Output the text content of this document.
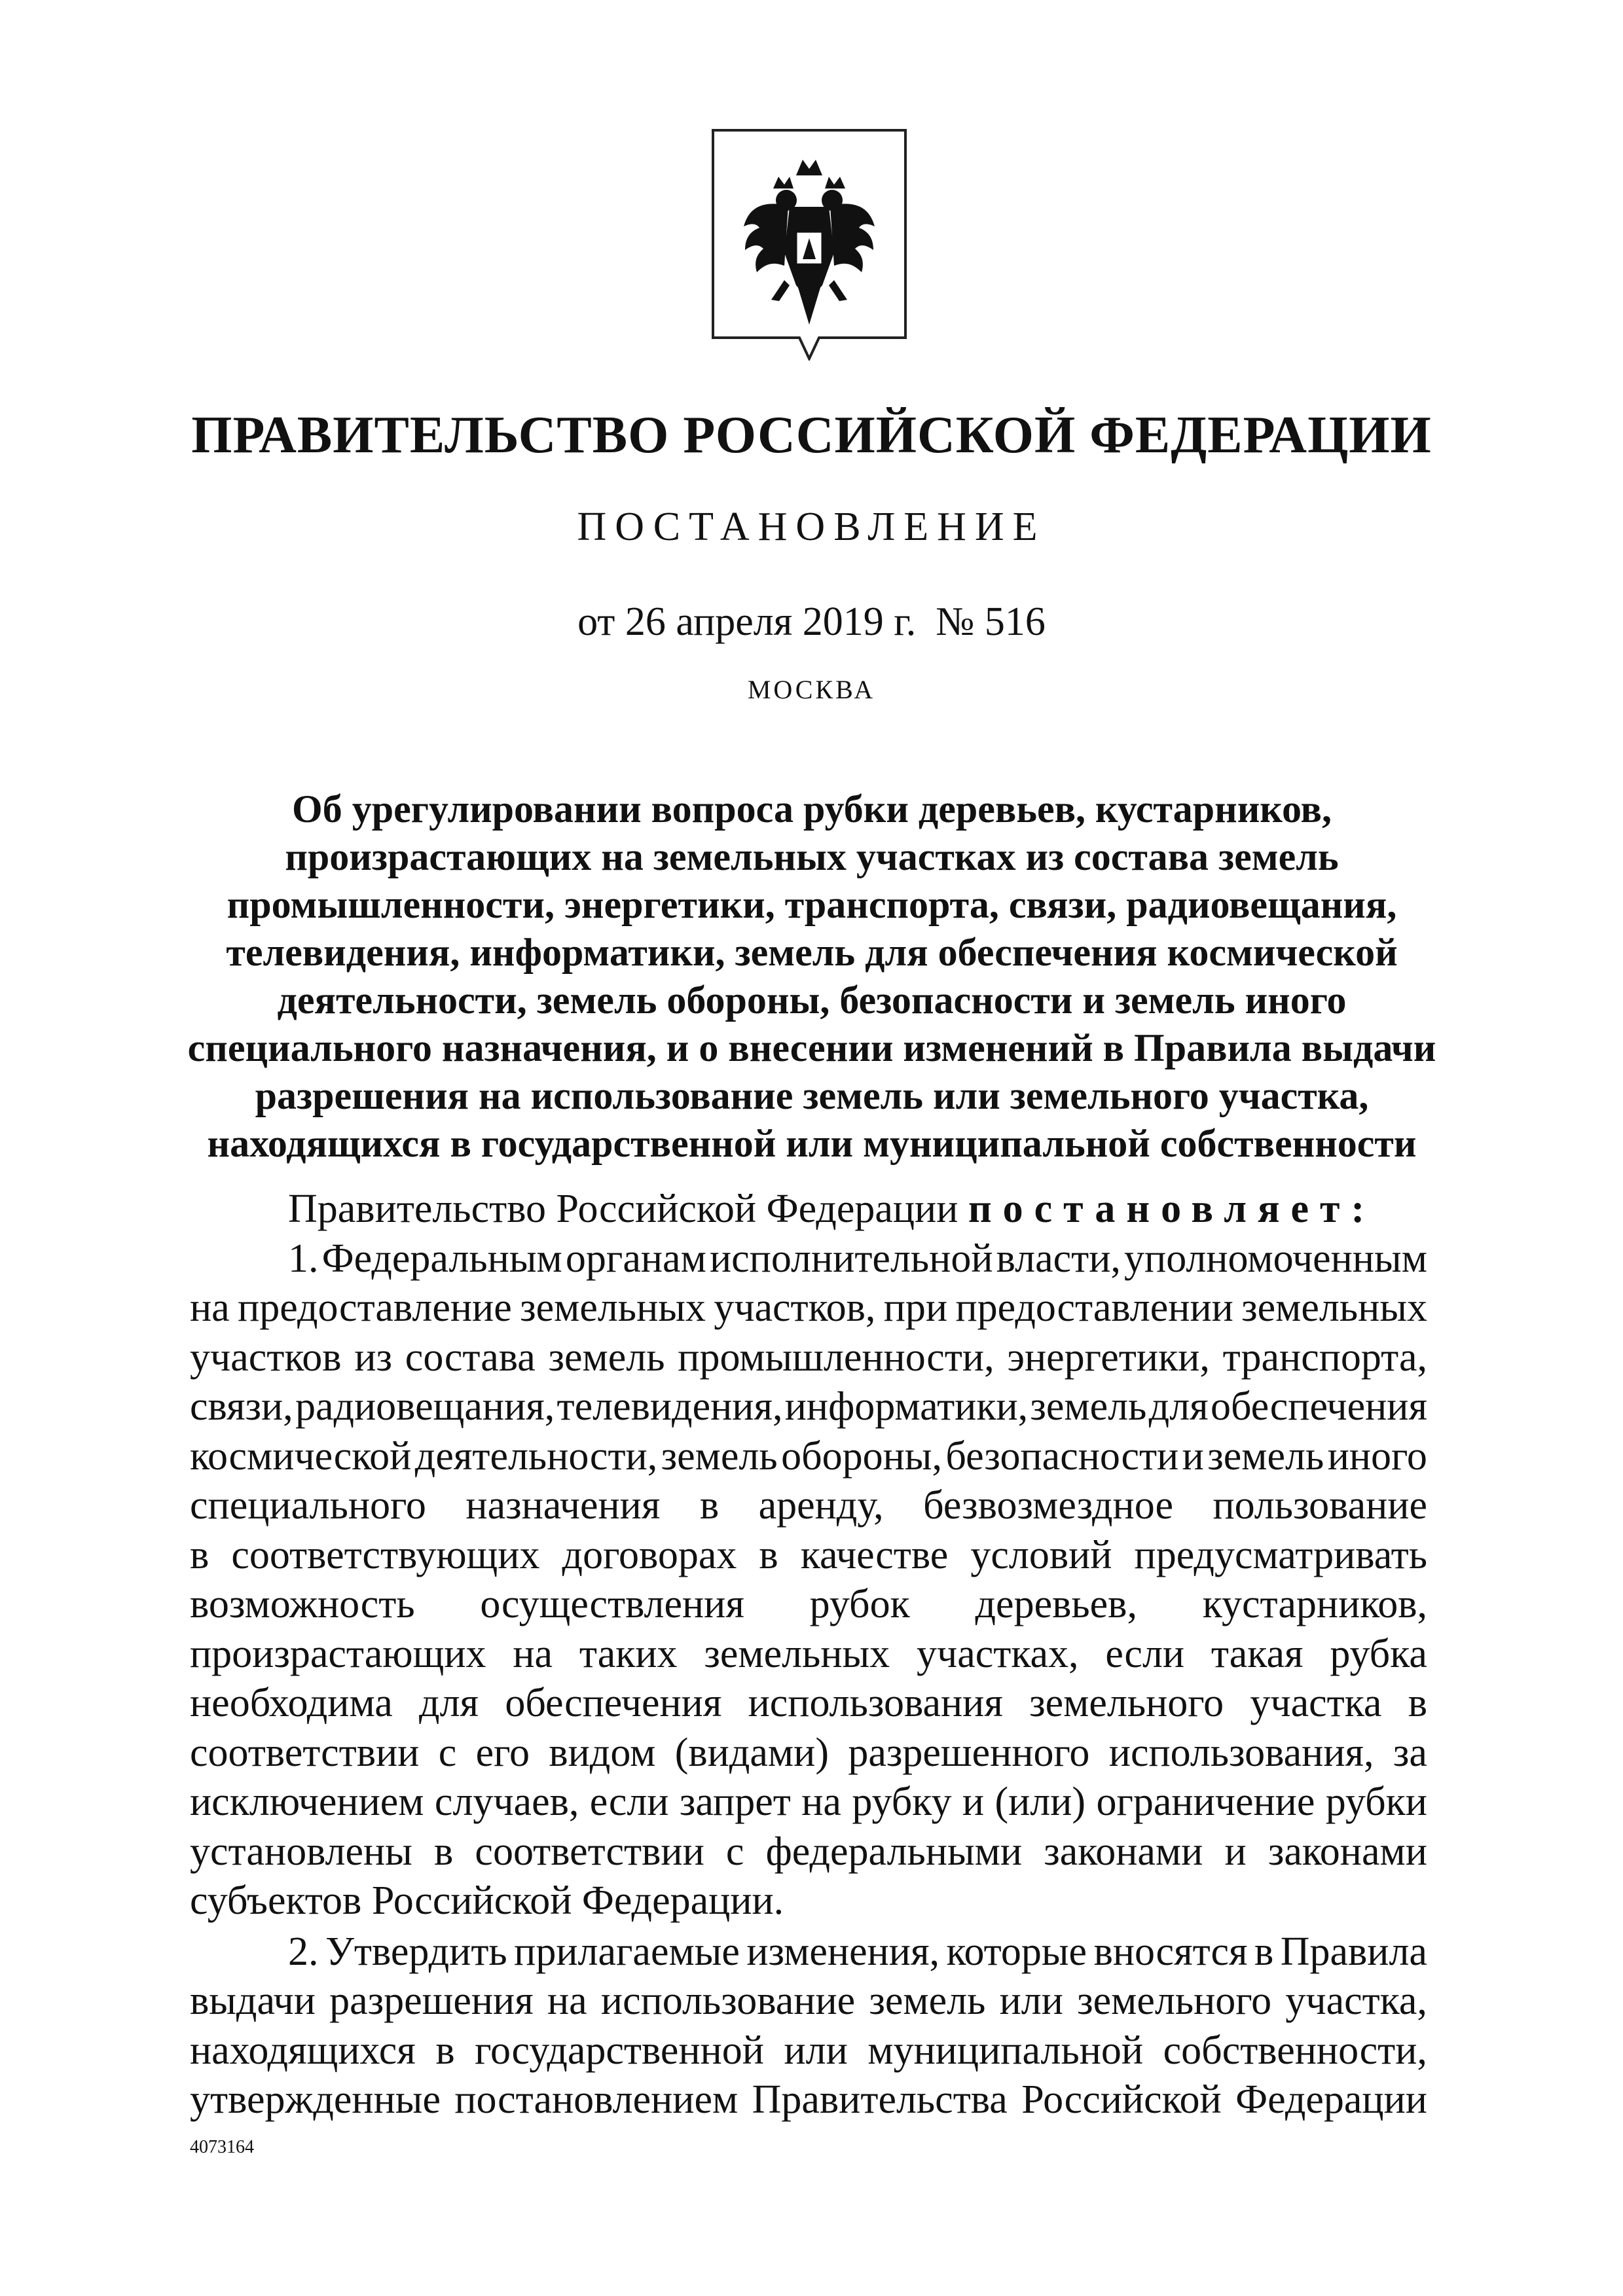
ПРАВИТЕЛЬСТВО РОССИЙСКОЙ ФЕДЕРАЦИИ
ПОСТАНОВЛЕНИЕ
от 26 апреля 2019 г. № 516
МОСКВА
Об урегулировании вопроса рубки деревьев, кустарников,
произрастающих на земельных участках из состава земель
промышленности, энергетики, транспорта, связи, радиовещания,
телевидения, информатики, земель для обеспечения космической
деятельности, земель обороны, безопасности и земель иного
специального назначения, и о внесении изменений в Правила выдачи
разрешения на использование земель или земельного участка,
находящихся в государственной или муниципальной собственности
Правительство Российской Федерации постановляет:
1. Федеральным органам исполнительной власти, уполномоченным
на предоставление земельных участков, при предоставлении земельных
участков из состава земель промышленности, энергетики, транспорта,
связи, радиовещания, телевидения, информатики, земель для обеспечения
космической деятельности, земель обороны, безопасности и земель иного
специального назначения в аренду, безвозмездное пользование
в соответствующих договорах в качестве условий предусматривать
возможность осуществления рубок деревьев, кустарников,
произрастающих на таких земельных участках, если такая рубка
необходима для обеспечения использования земельного участка в
соответствии с его видом (видами) разрешенного использования, за
исключением случаев, если запрет на рубку и (или) ограничение рубки
установлены в соответствии с федеральными законами и законами
субъектов Российской Федерации.
2. Утвердить прилагаемые изменения, которые вносятся в Правила
выдачи разрешения на использование земель или земельного участка,
находящихся в государственной или муниципальной собственности,
утвержденные постановлением Правительства Российской Федерации
4073164
